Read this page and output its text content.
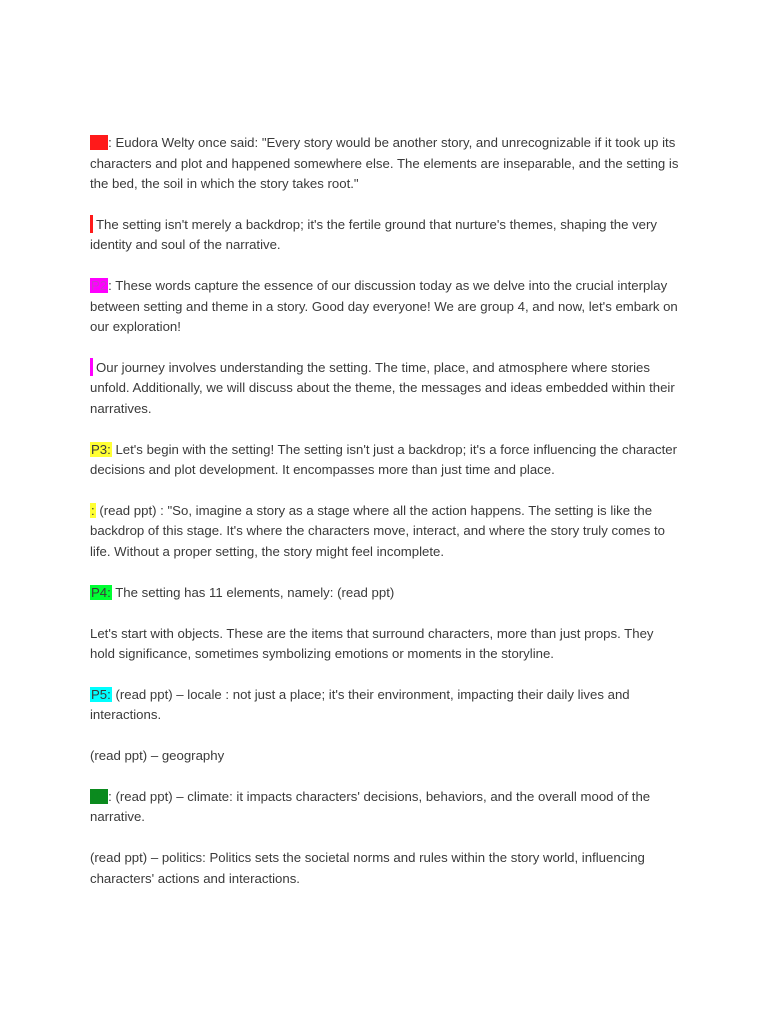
P1: Eudora Welty once said: "Every story would be another story, and unrecognizable if it took up its characters and plot and happened somewhere else. The elements are inseparable, and the setting is the bed, the soil in which the story takes root."

The setting isn't merely a backdrop; it's the fertile ground that nurture's themes, shaping the very identity and soul of the narrative.

P2: These words capture the essence of our discussion today as we delve into the crucial interplay between setting and theme in a story. Good day everyone! We are group 4, and now, let's embark on our exploration!

Our journey involves understanding the setting. The time, place, and atmosphere where stories unfold. Additionally, we will discuss about the theme, the messages and ideas embedded within their narratives.

P3: Let's begin with the setting! The setting isn't just a backdrop; it's a force influencing the character decisions and plot development. It encompasses more than just time and place.

: (read ppt) : "So, imagine a story as a stage where all the action happens. The setting is like the backdrop of this stage. It's where the characters move, interact, and where the story truly comes to life. Without a proper setting, the story might feel incomplete.

P4: The setting has 11 elements, namely: (read ppt)

Let's start with objects. These are the items that surround characters, more than just props. They hold significance, sometimes symbolizing emotions or moments in the storyline.

P5: (read ppt) – locale : not just a place; it's their environment, impacting their daily lives and interactions.

(read ppt) – geography

P6: (read ppt) – climate: it impacts characters' decisions, behaviors, and the overall mood of the narrative.

(read ppt) – politics: Politics sets the societal norms and rules within the story world, influencing characters' actions and interactions.
